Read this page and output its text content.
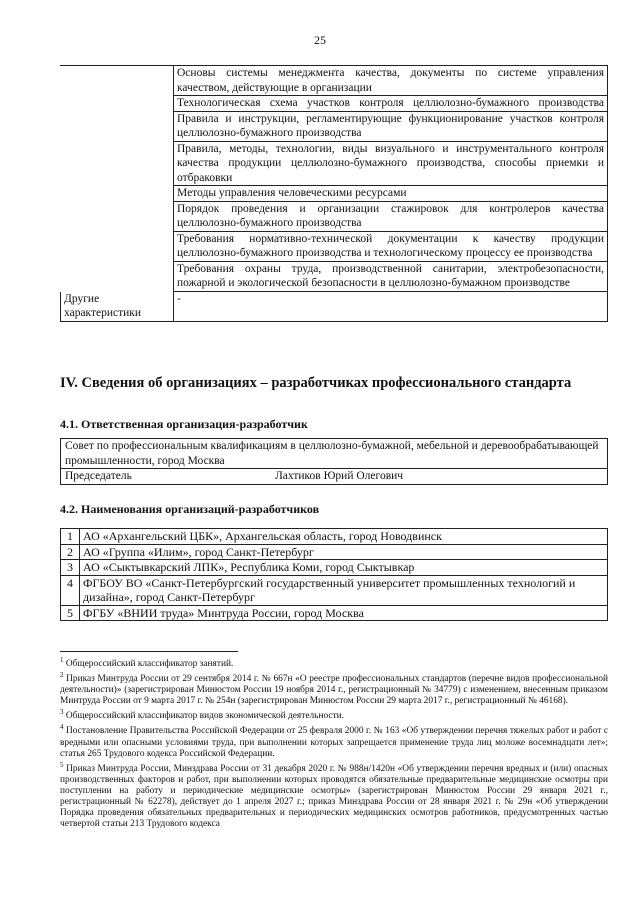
25
	Основы системы менеджмента качества, документы по системе управления качеством, действующие в организации
	Технологическая схема участков контроля целлюлозно-бумажного производства
	Правила и инструкции, регламентирующие функционирование участков контроля целлюлозно-бумажного производства
	Правила, методы, технологии, виды визуального и инструментального контроля качества продукции целлюлозно-бумажного производства, способы приемки и отбраковки
	Методы управления человеческими ресурсами
	Порядок проведения и организации стажировок для контролеров качества целлюлозно-бумажного производства
	Требования нормативно-технической документации к качеству продукции целлюлозно-бумажного производства и технологическому процессу ее производства
	Требования охраны труда, производственной санитарии, электробезопасности, пожарной и экологической безопасности в целлюлозно-бумажном производстве
Другие характеристики	-
IV. Сведения об организациях – разработчиках профессионального стандарта
4.1. Ответственная организация-разработчик
Совет по профессиональным квалификациям в целлюлозно-бумажной, мебельной и деревообрабатывающей промышленности, город Москва
Председатель	Лахтиков Юрий Олегович
4.2. Наименования организаций-разработчиков
1	АО «Архангельский ЦБК», Архангельская область, город Новодвинск
2	АО «Группа «Илим», город Санкт-Петербург
3	АО «Сыктывкарский ЛПК», Республика Коми, город Сыктывкар
4	ФГБОУ ВО «Санкт-Петербургский государственный университет промышленных технологий и дизайна», город Санкт-Петербург
5	ФГБУ «ВНИИ труда» Минтруда России, город Москва

$^1$ Общероссийский классификатор занятий.

$^2$ Приказ Минтруда России от 29 сентября 2014 г. № 667н «О реестре профессиональных стандартов (перечне видов профессиональной деятельности)» (зарегистрирован Минюстом России 19 ноября 2014 г., регистрационный № 34779) с изменением, внесенным приказом Минтруда России от 9 марта 2017 г. № 254н (зарегистрирован Минюстом России 29 марта 2017 г., регистрационный № 46168).

$^3$ Общероссийский классификатор видов экономической деятельности.

$^4$ Постановление Правительства Российской Федерации от 25 февраля 2000 г. № 163 «Об утверждении перечня тяжелых работ и работ с вредными или опасными условиями труда, при выполнении которых запрещается применение труда лиц моложе восемнадцати лет»; статья 265 Трудового кодекса Российской Федерации.

$^5$ Приказ Минтруда России, Минздрава России от 31 декабря 2020 г. № 988н/1420н «Об утверждении перечня вредных и (или) опасных производственных факторов и работ, при выполнении которых проводятся обязательные предварительные медицинские осмотры при поступлении на работу и периодические медицинские осмотры» (зарегистрирован Минюстом России 29 января 2021 г., регистрационный № 62278), действует до 1 апреля 2027 г.; приказ Минздрава России от 28 января 2021 г. № 29н «Об утверждении Порядка проведения обязательных предварительных и периодических медицинских осмотров работников, предусмотренных частью четвертой статьи 213 Трудового кодекса
